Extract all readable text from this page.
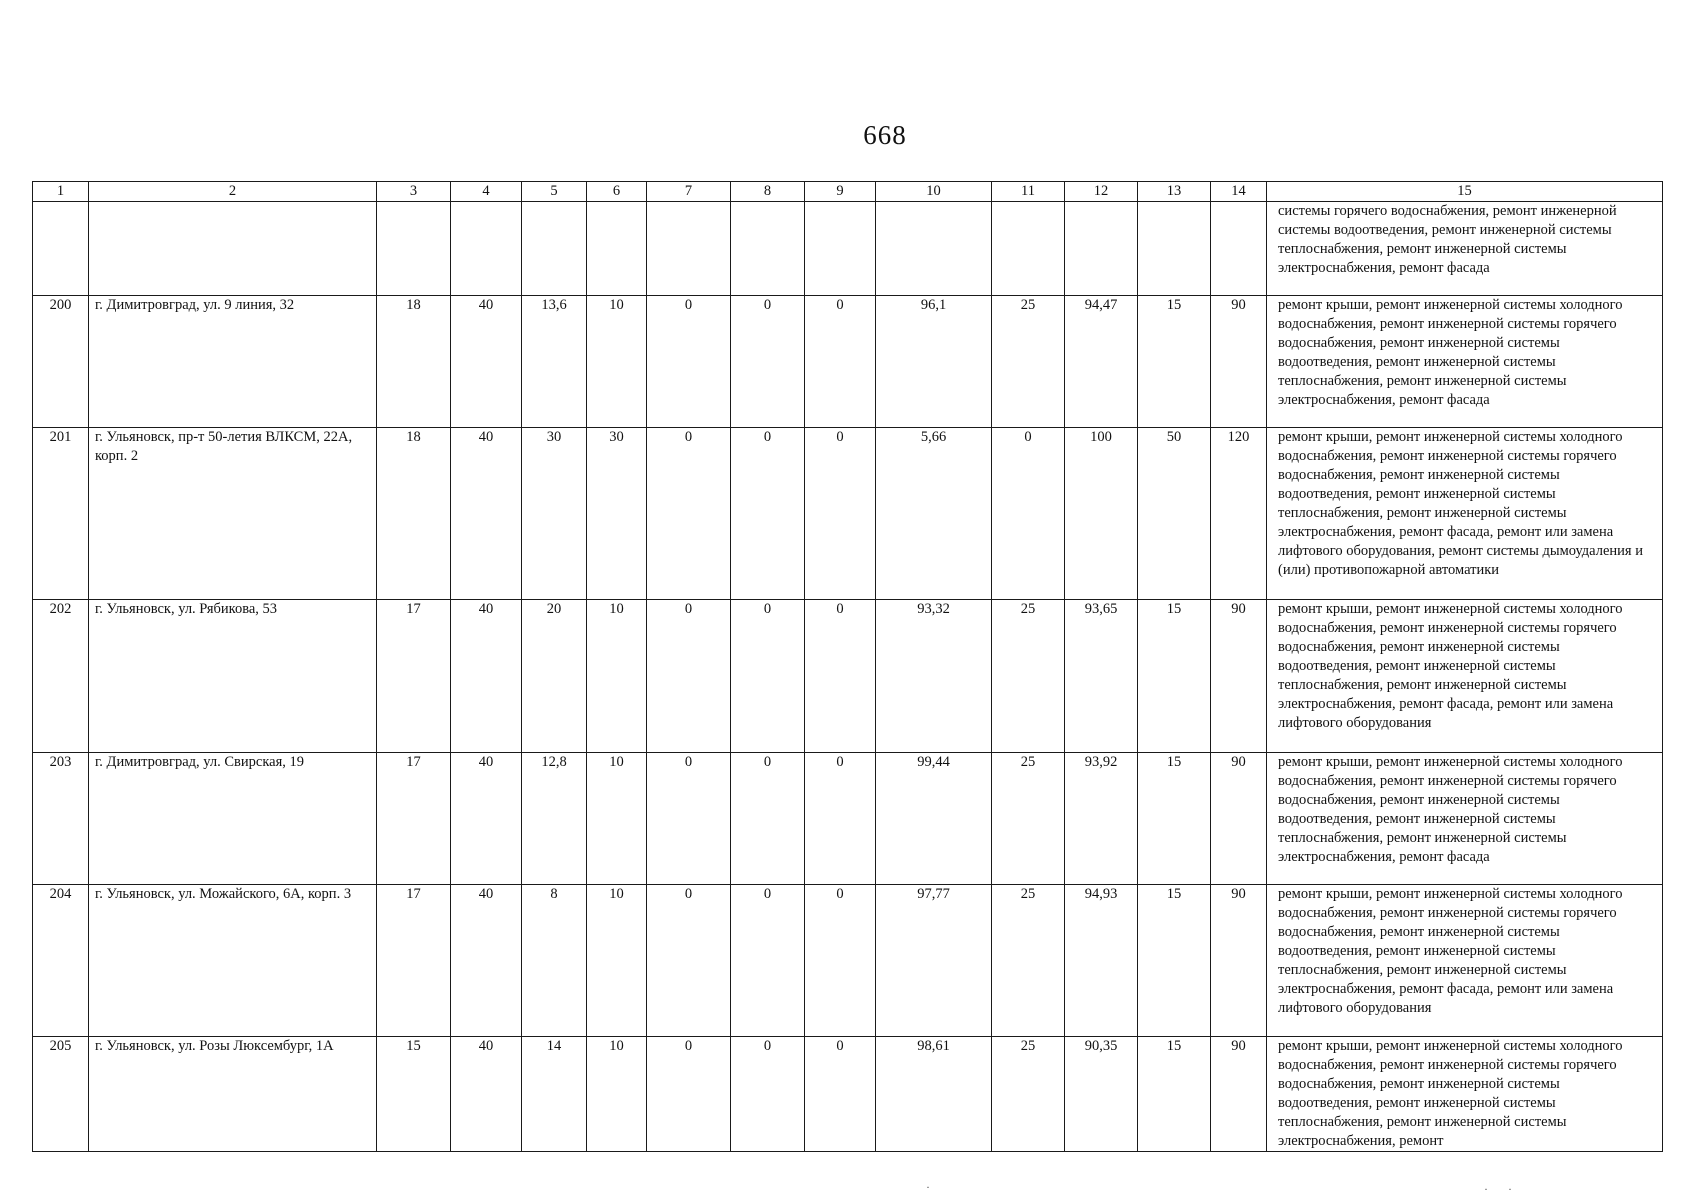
668
1	2	3	4	5	6	7	8	9	10	11	12	13	14	15
														системы горячего водоснабжения, ремонт инженерной системы водоотведения, ремонт инженерной системы теплоснабжения, ремонт инженерной системы электроснабжения, ремонт фасада
200	г. Димитровград, ул. 9 линия, 32	18	40	13,6	10	0	0	0	96,1	25	94,47	15	90	ремонт крыши, ремонт инженерной системы холодного водоснабжения, ремонт инженерной системы горячего водоснабжения, ремонт инженерной системы водоотведения, ремонт инженерной системы теплоснабжения, ремонт инженерной системы электроснабжения, ремонт фасада
201	г. Ульяновск, пр-т 50-летия ВЛКСМ, 22А, корп. 2	18	40	30	30	0	0	0	5,66	0	100	50	120	ремонт крыши, ремонт инженерной системы холодного водоснабжения, ремонт инженерной системы горячего водоснабжения, ремонт инженерной системы водоотведения, ремонт инженерной системы теплоснабжения, ремонт инженерной системы электроснабжения, ремонт фасада, ремонт или замена лифтового оборудования, ремонт системы дымоудаления и (или) противопожарной автоматики
202	г. Ульяновск, ул. Рябикова, 53	17	40	20	10	0	0	0	93,32	25	93,65	15	90	ремонт крыши, ремонт инженерной системы холодного водоснабжения, ремонт инженерной системы горячего водоснабжения, ремонт инженерной системы водоотведения, ремонт инженерной системы теплоснабжения, ремонт инженерной системы электроснабжения, ремонт фасада, ремонт или замена лифтового оборудования
203	г. Димитровград, ул. Свирская, 19	17	40	12,8	10	0	0	0	99,44	25	93,92	15	90	ремонт крыши, ремонт инженерной системы холодного водоснабжения, ремонт инженерной системы горячего водоснабжения, ремонт инженерной системы водоотведения, ремонт инженерной системы теплоснабжения, ремонт инженерной системы электроснабжения, ремонт фасада
204	г. Ульяновск, ул. Можайского, 6А, корп. 3	17	40	8	10	0	0	0	97,77	25	94,93	15	90	ремонт крыши, ремонт инженерной системы холодного водоснабжения, ремонт инженерной системы горячего водоснабжения, ремонт инженерной системы водоотведения, ремонт инженерной системы теплоснабжения, ремонт инженерной системы электроснабжения, ремонт фасада, ремонт или замена лифтового оборудования
205	г. Ульяновск, ул. Розы Люксембург, 1А	15	40	14	10	0	0	0	98,61	25	90,35	15	90	ремонт крыши, ремонт инженерной системы холодного водоснабжения, ремонт инженерной системы горячего водоснабжения, ремонт инженерной системы водоотведения, ремонт инженерной системы теплоснабжения, ремонт инженерной системы электроснабжения, ремонт
·	· ·
